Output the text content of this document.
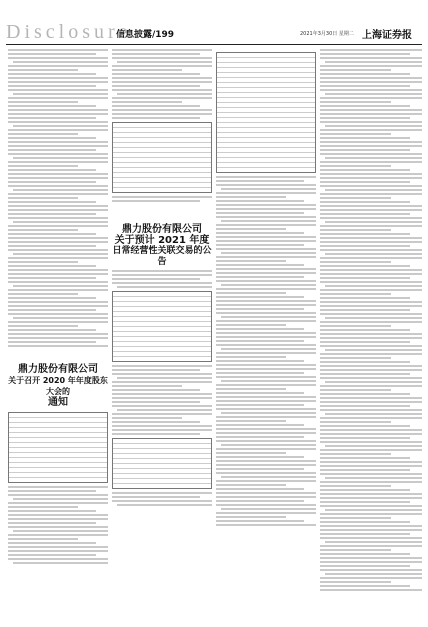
Disclosure
信息披露/199	2021年3月30日 星期二 上海证券报
鼎力股份有限公司
关于召开 2020 年年度股东大会的
通知
鼎力股份有限公司
关于预计 2021 年度
日常经营性关联交易的公告
